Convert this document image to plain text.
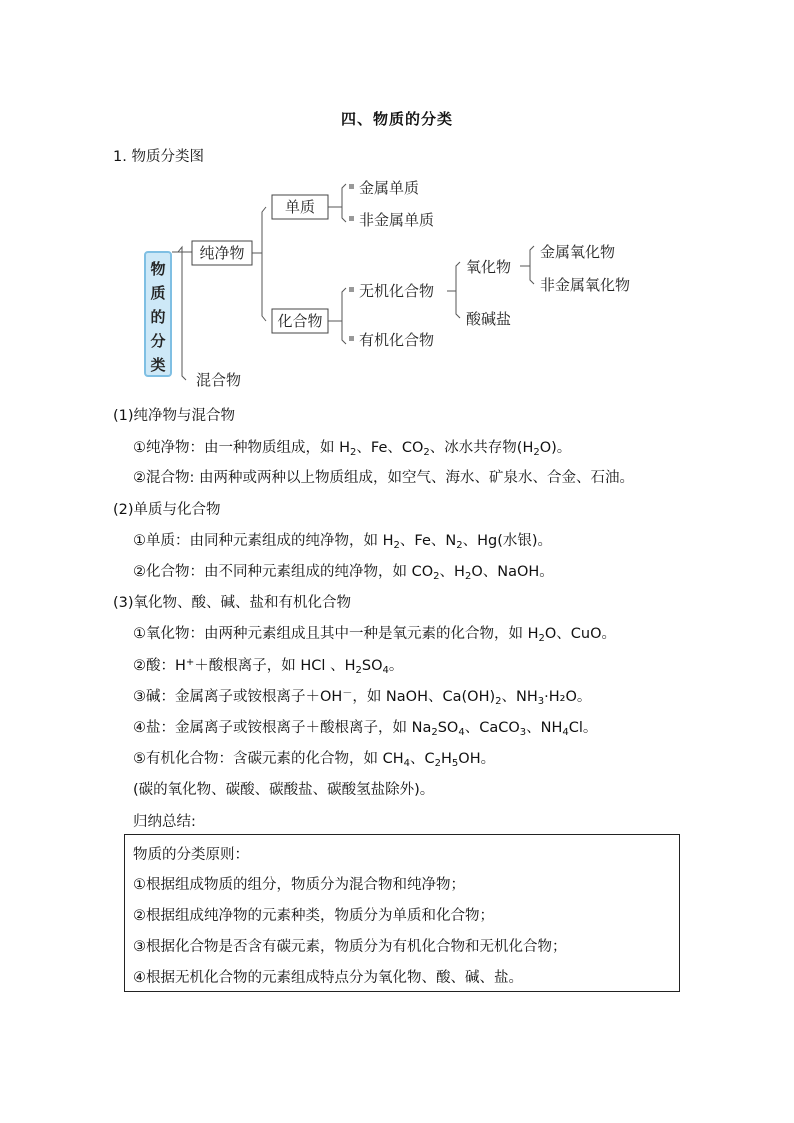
四、物质的分类
1. 物质分类图
物
质
的
分
类
纯净物
混合物
单质
化合物
金属单质
非金属单质
无机化合物
有机化合物
氧化物
酸碱盐
金属氧化物
非金属氧化物
(1)纯净物与混合物
①纯净物：由一种物质组成，如 $H_2$、Fe、$CO_2$、冰水共存物$(H_2O)$。
②混合物: 由两种或两种以上物质组成，如空气、海水、矿泉水、合金、石油。
(2)单质与化合物
①单质：由同种元素组成的纯净物，如 $H_2$、Fe、$N_2$、Hg(水银)。
②化合物：由不同种元素组成的纯净物，如 $CO_2$、$H_2O$、NaOH。
(3)氧化物、酸、碱、盐和有机化合物
①氧化物：由两种元素组成且其中一种是氧元素的化合物，如 $H_2O$、CuO。
②酸：H+＋酸根离子，如 HCl 、$H_2SO_4$。
③碱：金属离子或铵根离子＋OH－，如 NaOH、$Ca(OH)_2$、$NH_3\cdot H_2O$。
④盐：金属离子或铵根离子＋酸根离子，如 $Na_2SO_4$、CaCO$_3$、$NH_4Cl$。
⑤有机化合物：含碳元素的化合物，如 $CH_4$、$C_2H_5OH$。
(碳的氧化物、碳酸、碳酸盐、碳酸氢盐除外)。
归纳总结:
物质的分类原则：
①根据组成物质的组分，物质分为混合物和纯净物；
②根据组成纯净物的元素种类，物质分为单质和化合物；
③根据化合物是否含有碳元素，物质分为有机化合物和无机化合物；
④根据无机化合物的元素组成特点分为氧化物、酸、碱、盐。
